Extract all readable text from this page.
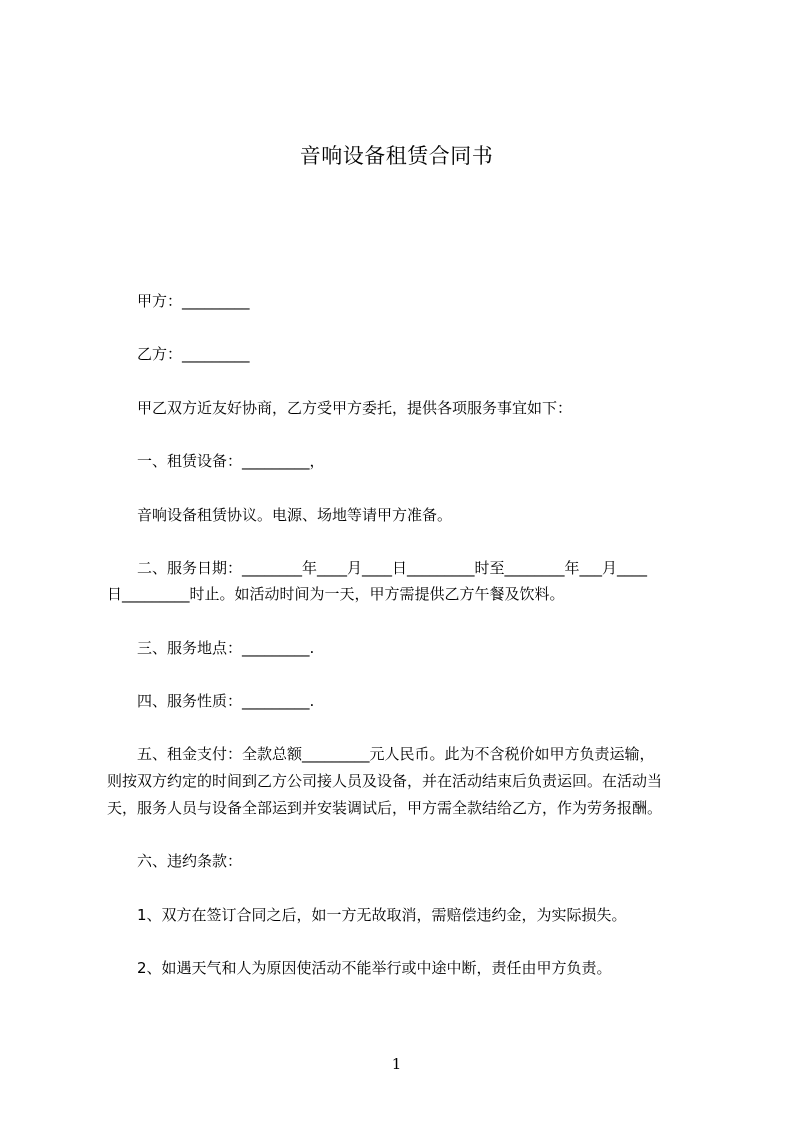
音响设备租赁合同书
甲方：_________
乙方：_________
甲乙双方近友好协商，乙方受甲方委托，提供各项服务事宜如下：
一、租赁设备：_________，
音响设备租赁协议。电源、场地等请甲方准备。
二、服务日期：________年____月____日_________时至________年___月____
日_________时止。如活动时间为一天，甲方需提供乙方午餐及饮料。
三、服务地点：_________.
四、服务性质：_________.
五、租金支付：全款总额_________元人民币。此为不含税价如甲方负责运输，
则按双方约定的时间到乙方公司接人员及设备，并在活动结束后负责运回。在活动当
天，服务人员与设备全部运到并安装调试后，甲方需全款结给乙方，作为劳务报酬。
六、违约条款：
1、双方在签订合同之后，如一方无故取消，需赔偿违约金，为实际损失。
2、如遇天气和人为原因使活动不能举行或中途中断，责任由甲方负责。
1
